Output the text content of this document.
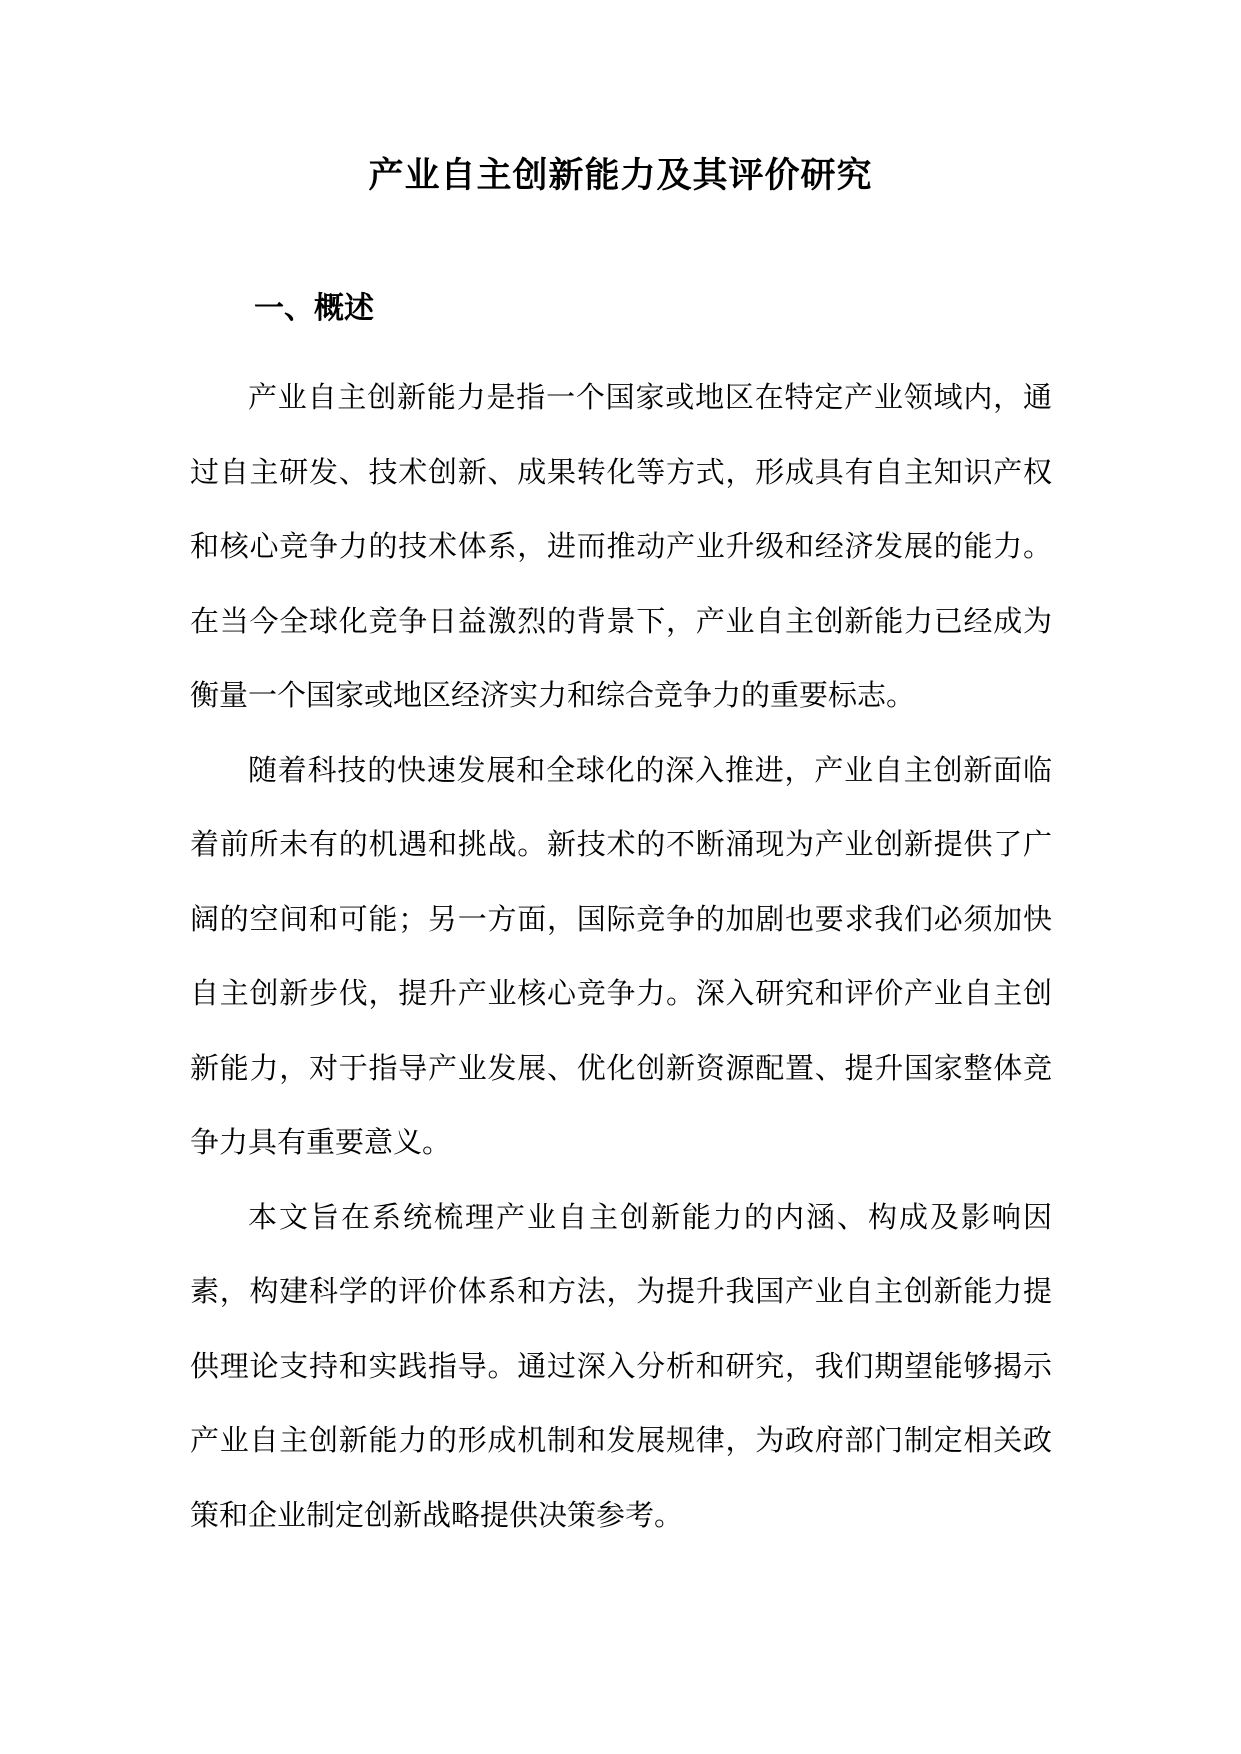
产业自主创新能力及其评价研究
一、概述

产业自主创新能力是指一个国家或地区在特定产业领域内，通过自主研发、技术创新、成果转化等方式，形成具有自主知识产权和核心竞争力的技术体系，进而推动产业升级和经济发展的能力。在当今全球化竞争日益激烈的背景下，产业自主创新能力已经成为衡量一个国家或地区经济实力和综合竞争力的重要标志。

随着科技的快速发展和全球化的深入推进，产业自主创新面临着前所未有的机遇和挑战。新技术的不断涌现为产业创新提供了广阔的空间和可能；另一方面，国际竞争的加剧也要求我们必须加快自主创新步伐，提升产业核心竞争力。深入研究和评价产业自主创新能力，对于指导产业发展、优化创新资源配置、提升国家整体竞争力具有重要意义。

本文旨在系统梳理产业自主创新能力的内涵、构成及影响因素，构建科学的评价体系和方法，为提升我国产业自主创新能力提供理论支持和实践指导。通过深入分析和研究，我们期望能够揭示产业自主创新能力的形成机制和发展规律，为政府部门制定相关政策和企业制定创新战略提供决策参考。
